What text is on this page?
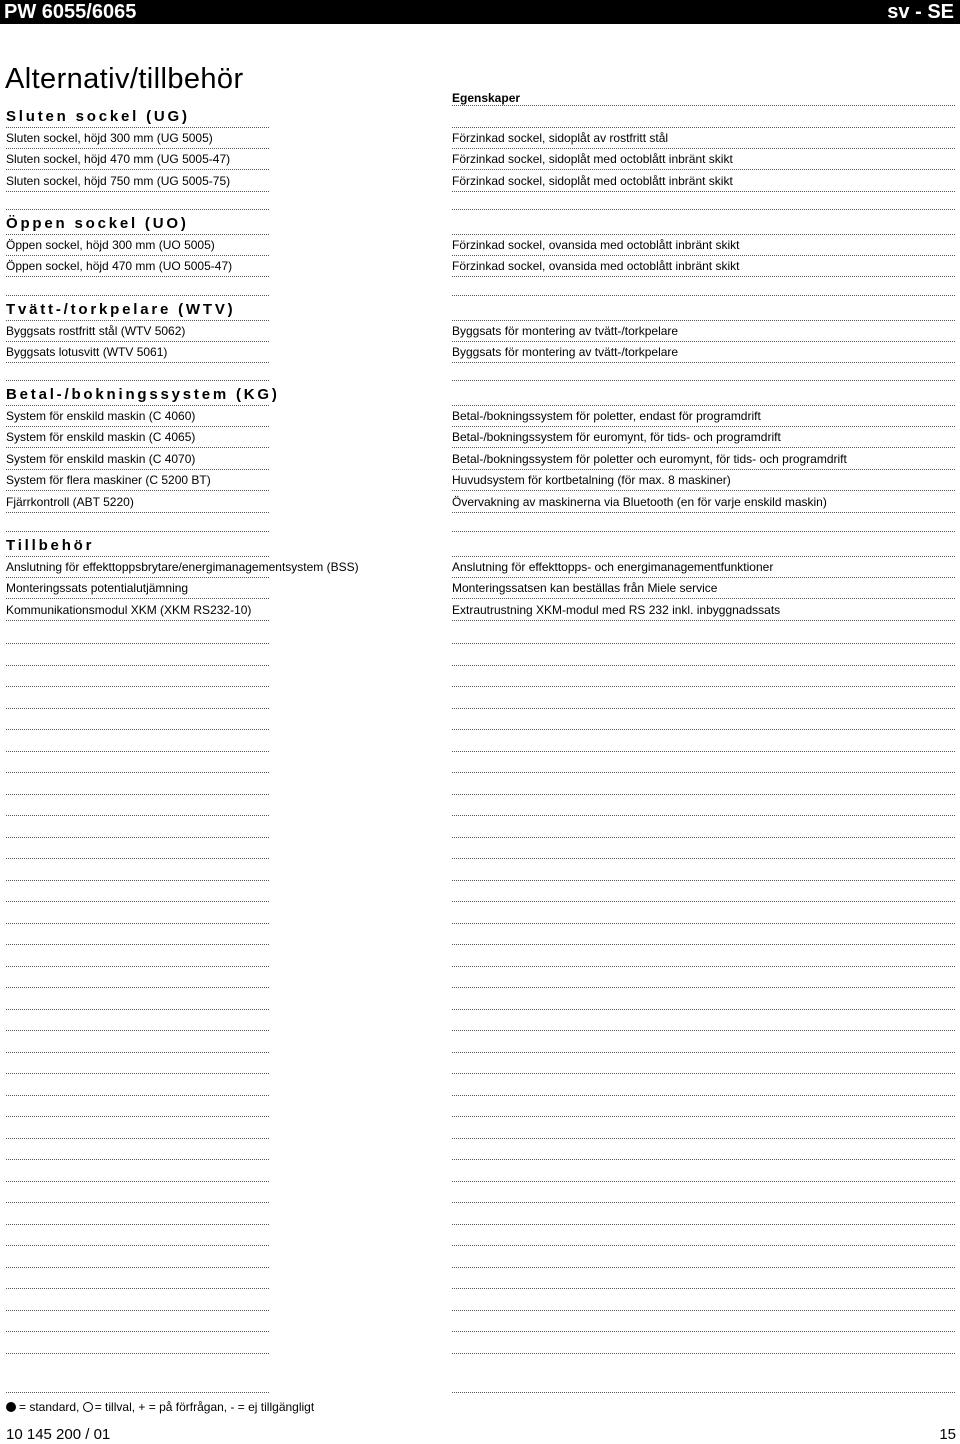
PW 6055/6065	sv - SE
Alternativ/tillbehör
Egenskaper
Sluten sockel (UG)
Sluten sockel, höjd 300 mm (UG 5005)	Förzinkad sockel, sidoplåt av rostfritt stål
Sluten sockel, höjd 470 mm (UG 5005-47)	Förzinkad sockel, sidoplåt med octoblått inbränt skikt
Sluten sockel, höjd 750 mm (UG 5005-75)	Förzinkad sockel, sidoplåt med octoblått inbränt skikt
Öppen sockel (UO)
Öppen sockel, höjd 300 mm (UO 5005)	Förzinkad sockel, ovansida med octoblått inbränt skikt
Öppen sockel, höjd 470 mm (UO 5005-47)	Förzinkad sockel, ovansida med octoblått inbränt skikt
Tvätt-/torkpelare (WTV)
Byggsats rostfritt stål (WTV 5062)	Byggsats för montering av tvätt-/torkpelare
Byggsats lotusvitt (WTV 5061)	Byggsats för montering av tvätt-/torkpelare
Betal-/bokningssystem (KG)
System för enskild maskin (C 4060)	Betal-/bokningssystem för poletter, endast för programdrift
System för enskild maskin (C 4065)	Betal-/bokningssystem för euromynt, för tids- och programdrift
System för enskild maskin (C 4070)	Betal-/bokningssystem för poletter och euromynt, för tids- och programdrift
System för flera maskiner (C 5200 BT)	Huvudsystem för kortbetalning (för max. 8 maskiner)
Fjärrkontroll (ABT 5220)	Övervakning av maskinerna via Bluetooth (en för varje enskild maskin)
Tillbehör
Anslutning för effekttoppsbrytare/energimanagementsystem (BSS)	Anslutning för effekttopps- och energimanagementfunktioner
Monteringssats potentialutjämning	Monteringssatsen kan beställas från Miele service
Kommunikationsmodul XKM (XKM RS232-10)	Extrautrustning XKM-modul med RS 232 inkl. inbyggnadssats
= standard, = tillval, + = på förfrågan, - = ej tillgängligt
10 145 200 / 01	15
